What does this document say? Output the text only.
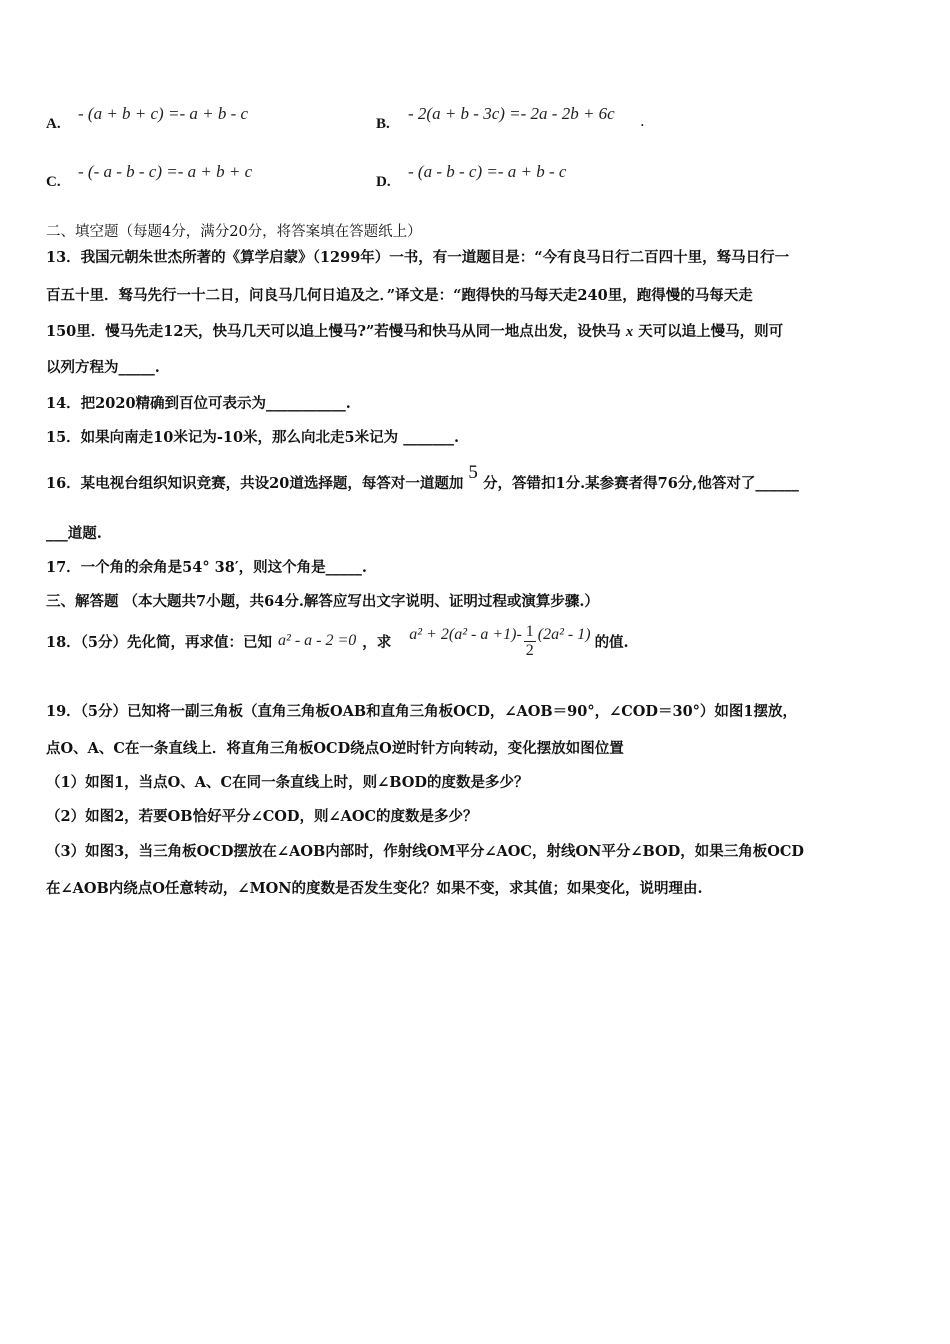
A.
- (a + b + c) =- a + b - c
B.
- 2(a + b - 3c) =- 2a - 2b + 6c .
C.
- (- a - b - c) =- a + b + c
D.
- (a - b - c) =- a + b - c
二、填空题（每题4分，满分20分，将答案填在答题纸上）
13．我国元朝朱世杰所著的《算学启蒙》（1299年）一书，有一道题目是：“今有良马日行二百四十里，驽马日行一
百五十里．驽马先行一十二日，问良马几何日追及之．”译文是：“跑得快的马每天走240里，跑得慢的马每天走
150里．慢马先走12天，快马几天可以追上慢马?”若慢马和快马从同一地点出发，设快马 x 天可以追上慢马，则可
以列方程为_____.
14．把2020精确到百位可表示为___________.
15．如果向南走10米记为-10米，那么向北走5米记为 _______.
16．某电视台组织知识竞赛，共设20道选择题，每答对一道题加 5 分，答错扣1分.某参赛者得76分,他答对了______
___道题.
17．一个角的余角是54° 38′，则这个角是_____.
三、解答题 （本大题共7小题，共64分.解答应写出文字说明、证明过程或演算步骤.）
18．（5分）先化简，再求值：已知 a² - a - 2 =0 ，求 $a^2 + 2(a^2 - a +1)- \frac{1}{2} (2a^2 - 1)$ 的值.
19．（5分）已知将一副三角板（直角三角板OAB和直角三角板OCD，∠AOB＝90°，∠COD＝30°）如图1摆放，
点O、A、C在一条直线上．将直角三角板OCD绕点O逆时针方向转动，变化摆放如图位置
（1）如图1，当点O、A、C在同一条直线上时，则∠BOD的度数是多少？
（2）如图2，若要OB恰好平分∠COD，则∠AOC的度数是多少？
（3）如图3，当三角板OCD摆放在∠AOB内部时，作射线OM平分∠AOC，射线ON平分∠BOD，如果三角板OCD
在∠AOB内绕点O任意转动，∠MON的度数是否发生变化？如果不变，求其值；如果变化，说明理由.
